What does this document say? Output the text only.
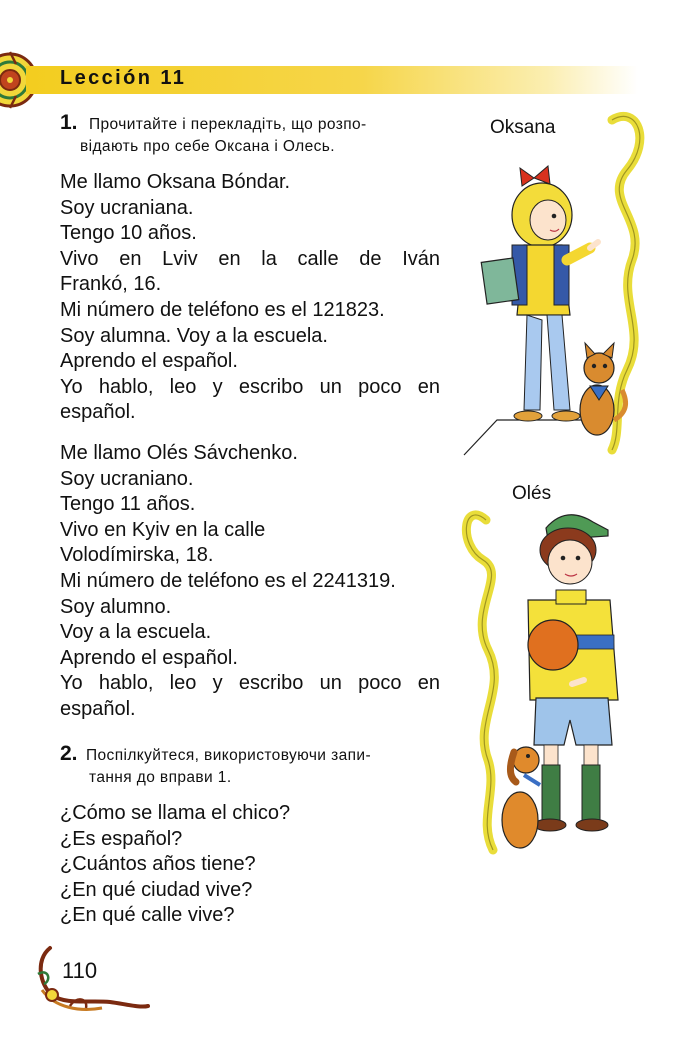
Lección 11
1. Прочитайте і перекладіть, що розпо-
відають про себе Оксана і Олесь.
Me llamo Oksana Bóndar.
Soy ucraniana.
Tengo 10 años.
Vivo en Lviv en la calle de Iván
Frankó, 16.
Mi número de teléfono es el 121823.
Soy alumna. Voy a la escuela.
Aprendo el español.
Yo hablo, leo y escribo un poco en
español.
Me llamo Olés Sávchenko.
Soy ucraniano.
Tengo 11 años.
Vivo en Kyiv en la calle
Volodímirska, 18.
Mi número de teléfono es el 2241319.
Soy alumno.
Voy a la escuela.
Aprendo el español.
Yo hablo, leo y escribo un poco en
español.
2. Поспілкуйтеся, використовуючи запи-
тання до вправи 1.
¿Cómo se llama el chico?
¿Es español?
¿Cuántos años tiene?
¿En qué ciudad vive?
¿En qué calle vive?
Oksana
Olés
110
